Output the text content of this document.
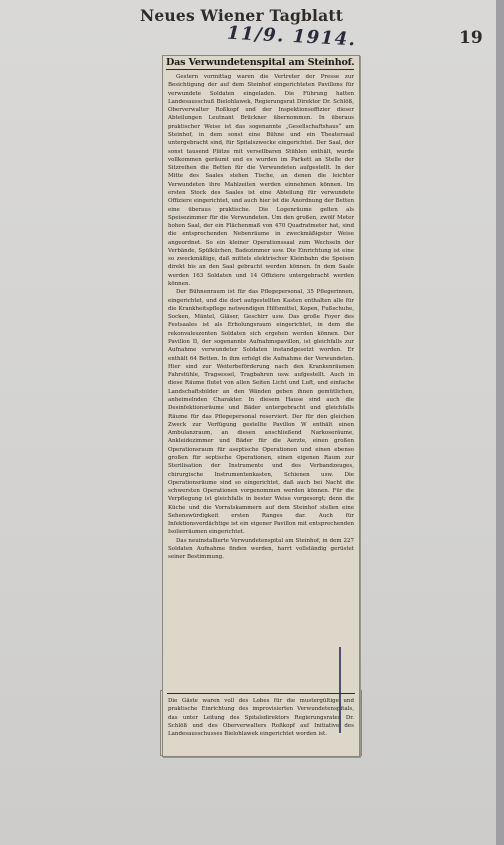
Neues Wiener Tagblatt
11/9. 1914.	19
Das Verwundetenspital am Steinhof.

Gestern vormittag waren die Vertreter der Presse zur Besichtigung der auf dem Steinhof eingerichteten Pavillons für verwundete Soldaten eingeladen. Die Führung hatten Landesausschuß Bielohlawek, Regierungsrat Direktor Dr. Schlöß, Oberverwalter Roßkopf und der Inspektionsoffizier dieser Abteilungen Leutnant Brückner übernommen. In überaus praktischer Weise ist das sogenannte „Gesellschaftshaus“ am Steinhof, in dem sonst eine Bühne und ein Theatersaal untergebracht sind, für Spitalszwecke eingerichtet. Der Saal, der sonst tausend Plätze mit versellbaren Stühlen enthält, wurde vollkommen geräumt und es wurden im Parkett an Stelle der Sitzreihen die Betten für die Verwundeten aufgestellt. In der Mitte des Saales stehen Tische, an denen die leichter Verwundeten ihre Mahlzeiten werden einnehmen können. Im ersten Stock des Saales ist eine Abteilung für verwundete Offiziere eingerichtet, und auch hier ist die Anordnung der Betten eine überaus praktische. Die Logenräume gelten als Speisezimmer für die Verwundeten. Um den großen, zwölf Meter hohen Saal, der ein Flächenmaß von 470 Quadratmeter hat, sind die entsprechenden Nebenräume in zweckmäßigster Weise angeordnet. So ein kleiner Operationssaal zum Wechseln der Verbände, Spülküchen, Badezimmer usw. Die Einrichtung ist eine so zweckmäßige, daß mittels elektrischer Kleinbahn die Speisen direkt bis an den Saal gebracht werden können. In dem Saale werden 163 Soldaten und 14 Offiziere untergebracht werden können.

Der Bühnenraum ist für das Pflegepersonal, 35 Pflegerinnen, eingerichtet, und die dort aufgestellten Kasten enthalten alle für die Krankheitspflege notwendigen Hilfsmittel, Kopen, Fußschuhe, Socken, Mäntel, Gläser, Geschirr usw. Das große Foyer des Festsaales ist als Erholungsraum eingerichtet, in dem die rekonvaleszenten Soldaten sich ergehen werden können. Der Pavillon II, der sogenannte Aufnahmspavillon, ist gleichfalls zur Aufnahme verwundeter Soldaten instandgesetzt worden. Er enthält 64 Betten. In ihm erfolgt die Aufnahme der Verwundeten. Hier sind zur Weiterbeförderung nach den Krankenräumen Fahrstühle, Tragsessel, Tragbahren usw. aufgestellt. Auch in diese Räume flutet von allen Seiten Licht und Luft, und einfache Landschaftsbilder an den Wänden geben ihnen gemütlichen, anheimelnden Charakter. In diesem Hause sind auch die Desinfektionsräume und Bäder untergebracht und gleichfalls Räume für das Pflegepersonal reserviert. Der für den gleichen Zweck zur Verfügung gestellte Pavillon W enthält einen Ambulanzraum, an diesen anschließend Narkoseräume, Ankleidezimmer und Bäder für die Aerzte, einen großen Operationsraum für aseptische Operationen und einen ebenso großen für septische Operationen, einen eigenen Raum zur Sterilisation der Instrumente und des Verbandzeuges, chirurgische Instrumentenkasten, Schienen usw. Die Operationsräume sind so eingerichtet, daß auch bei Nacht die schwersten Operationen vorgenommen werden können. Für die Verpflegung ist gleichfalls in bester Weise vorgesorgt; denn die Küche und die Vorratskammern auf dem Steinhof stellen eine Sehenswürdigkeit ersten Ranges dar. Auch für Infektionsverdächtige ist ein eigener Pavillon mit entsprechenden Isolierräumen eingerichtet.

Das neuinstallierte Verwundetenspital am Steinhof, in dem 227 Soldaten Aufnahme finden werden, harrt vollständig gerüstet seiner Bestimmung.

Die Gäste waren voll des Lobes für die mustergültige und praktische Einrichtung des improvisierten Verwundetenspitals, das unter Leitung des Spitalsdirektors Regierungsrates Dr. Schlöß und des Oberverwalters Roßkopf auf Initiative des Landesausschusses Bielohlawek eingerichtet worden ist.
